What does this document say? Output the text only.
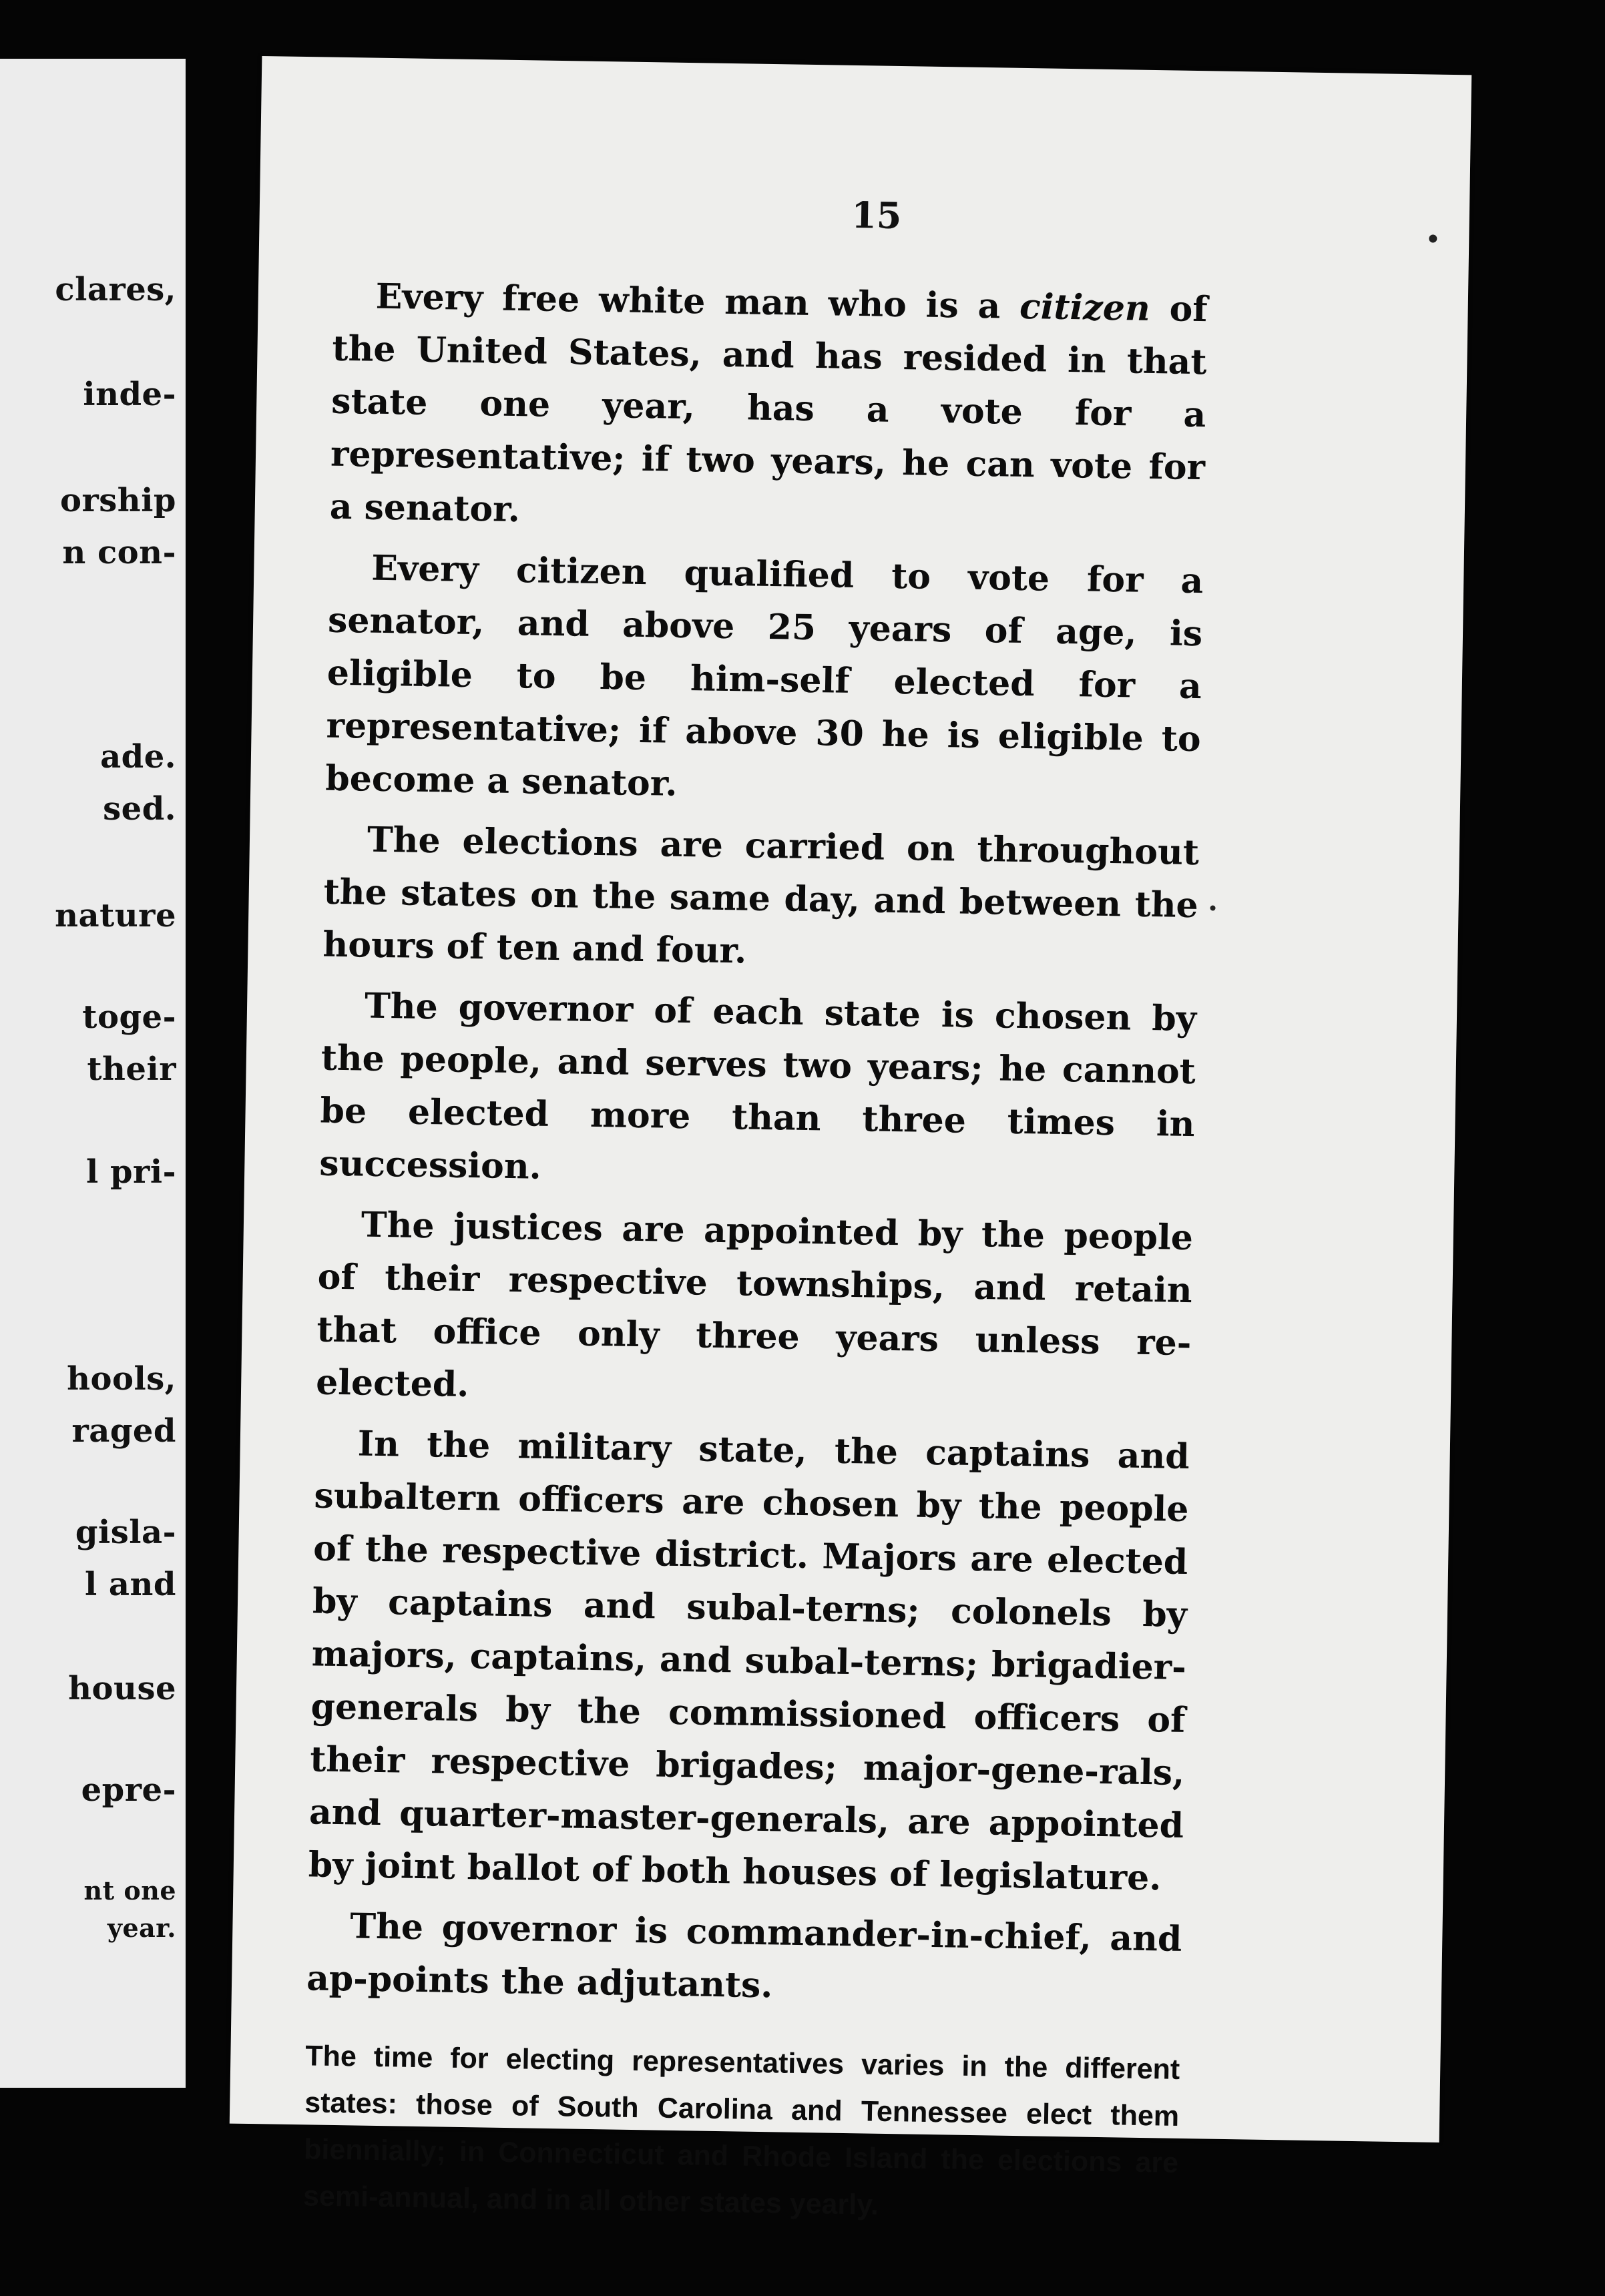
clares,
inde-
orship
n con-
ade.
sed.
nature
toge-
their
l pri-
hools,
raged
gisla-
l and
house
epre-
nt one
year.
15

Every free white man who is a citizen of the United States, and has resided in that state one year, has a vote for a representative; if two years, he can vote for a senator.

Every citizen qualified to vote for a senator, and above 25 years of age, is eligible to be him-self elected for a representative; if above 30 he is eligible to become a senator.

The elections are carried on throughout the states on the same day, and between the hours of ten and four.

The governor of each state is chosen by the people, and serves two years; he cannot be elected more than three times in succession.

The justices are appointed by the people of their respective townships, and retain that office only three years unless re-elected.

In the military state, the captains and subaltern officers are chosen by the people of the respective district. Majors are elected by captains and subal-terns; colonels by majors, captains, and subal-terns; brigadier-generals by the commissioned officers of their respective brigades; major-gene-rals, and quarter-master-generals, are appointed by joint ballot of both houses of legislature.

The governor is commander-in-chief, and ap-points the adjutants.

The time for electing representatives varies in the different states: those of South Carolina and Tennessee elect them biennially; in Connecticut and Rhode Island the elections are semi-annual, and in all other states yearly.
